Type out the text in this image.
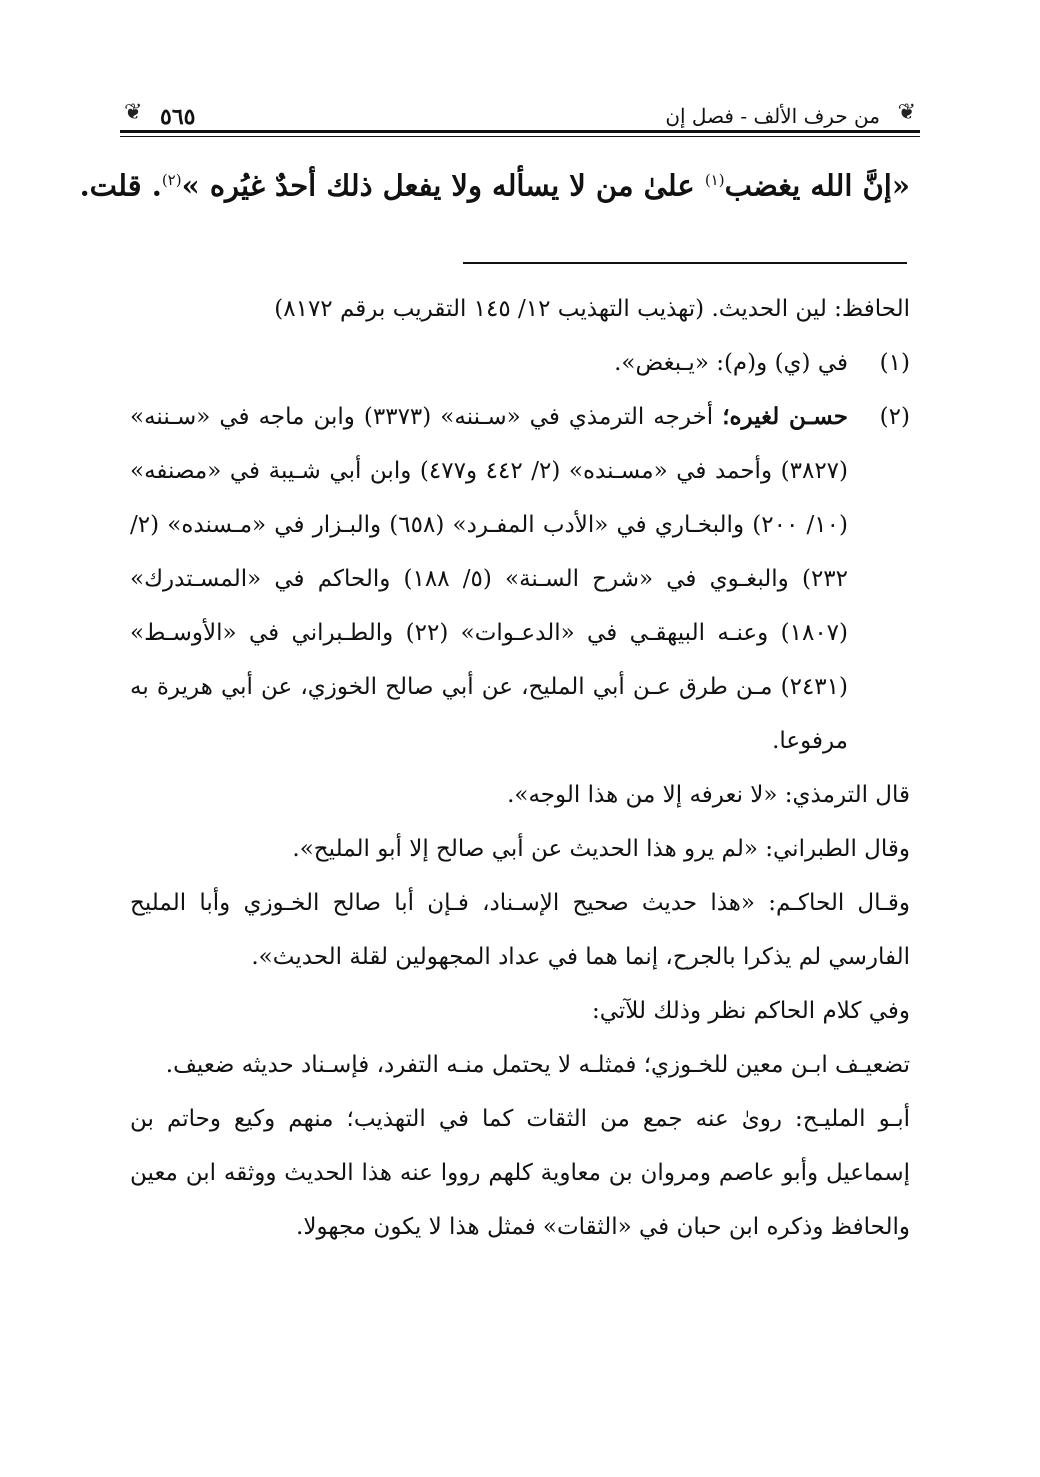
❦ ٥٦٥	من حرف الألف - فصل إن ❦
«إنَّ الله يغضب$^{(١)}$ علىٰ من لا يسأله ولا يفعل ذلك أحدٌ غيُره »$^{(٢)}$. قلت.

الحافظ: لين الحديث. (تهذيب التهذيب ١٢/ ١٤٥ التقريب برقم ٨١٧٢)

(١)
في (ي) و(م): «يـبغض».
(٢)
حسـن لغيره؛ أخرجه الترمذي في «سـننه» (٣٣٧٣) وابن ماجه في «سـننه» (٣٨٢٧) وأحمد في «مسـنده» (٢/ ٤٤٢ و٤٧٧) وابن أبي شـيبة في «مصنفه» (١٠/ ٢٠٠) والبخـاري في «الأدب المفـرد» (٦٥٨) والبـزار في «مـسنده» (٢/ ٢٣٢) والبغـوي في «شرح السـنة» (٥/ ١٨٨) والحاكم في «المسـتدرك» (١٨٠٧) وعنـه البيهقـي في «الدعـوات» (٢٢) والطـبراني في «الأوسـط» (٢٤٣١) مـن طرق عـن أبي المليح، عن أبي صالح الخوزي، عن أبي هريرة به مرفوعا.

قال الترمذي: «لا نعرفه إلا من هذا الوجه».

وقال الطبراني: «لم يرو هذا الحديث عن أبي صالح إلا أبو المليح».

وقـال الحاكـم: «هذا حديث صحيح الإسـناد، فـإن أبا صالح الخـوزي وأبا المليح الفارسي لم يذكرا بالجرح، إنما هما في عداد المجهولين لقلة الحديث».

وفي كلام الحاكم نظر وذلك للآتي:

تضعيـف ابـن معين للخـوزي؛ فمثلـه لا يحتمل منـه التفرد، فإسـناد حديثه ضعيف.

أبـو المليـح: روىٰ عنه جمع من الثقات كما في التهذيب؛ منهم وكيع وحاتم بن إسماعيل وأبو عاصم ومروان بن معاوية كلهم رووا عنه هذا الحديث ووثقه ابن معين والحافظ وذكره ابن حبان في «الثقات» فمثل هذا لا يكون مجهولا.
